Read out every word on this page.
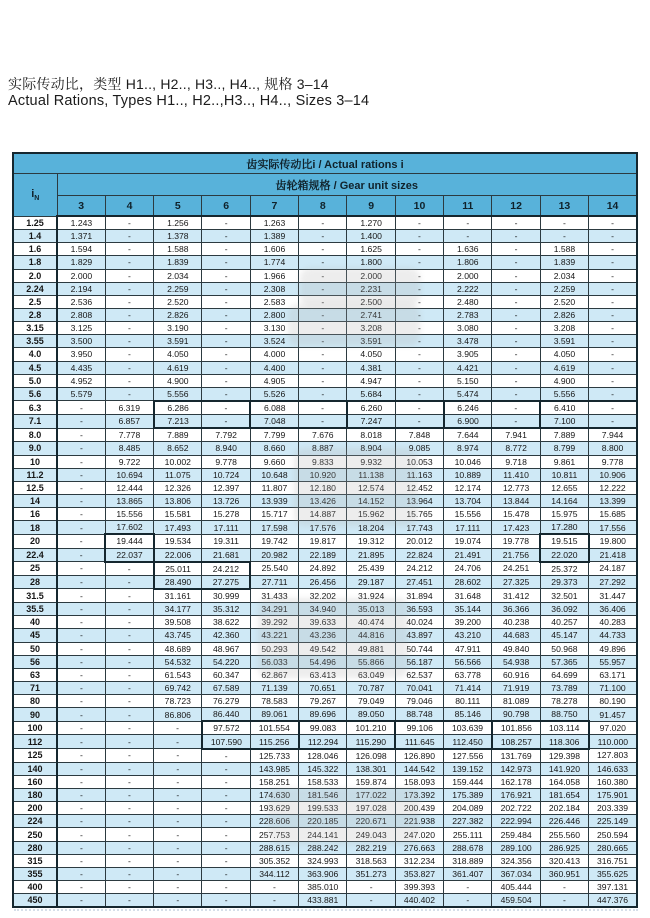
实际传动比，类型 H1.., H2.., H3.., H4.., 规格 3–14
Actual Rations, Types H1.., H2..,H3.., H4.., Sizes 3–14
齿实际传动比i / Actual rations i												
$i_N$	齿轮箱规格 / Gear unit sizes											
	3	4	5	6	7	8	9	10	11	12	13	14
1.25	1.243	-	1.256	-	1.263	-	1.270	-	-	-	-	-
1.4	1.371	-	1.378	-	1.389	-	1.400	-	-	-	-	-
1.6	1.594	-	1.588	-	1.606	-	1.625	-	1.636	-	1.588	-
1.8	1.829	-	1.839	-	1.774	-	1.800	-	1.806	-	1.839	-
2.0	2.000	-	2.034	-	1.966	-	2.000	-	2.000	-	2.034	-
2.24	2.194	-	2.259	-	2.308	-	2.231	-	2.222	-	2.259	-
2.5	2.536	-	2.520	-	2.583	-	2.500	-	2.480	-	2.520	-
2.8	2.808	-	2.826	-	2.800	-	2.741	-	2.783	-	2.826	-
3.15	3.125	-	3.190	-	3.130	-	3.208	-	3.080	-	3.208	-
3.55	3.500	-	3.591	-	3.524	-	3.591	-	3.478	-	3.591	-
4.0	3.950	-	4.050	-	4.000	-	4.050	-	3.905	-	4.050	-
4.5	4.435	-	4.619	-	4.400	-	4.381	-	4.421	-	4.619	-
5.0	4.952	-	4.900	-	4.905	-	4.947	-	5.150	-	4.900	-
5.6	5.579	-	5.556	-	5.526	-	5.684	-	5.474	-	5.556	-
6.3	-	6.319	6.286	-	6.088	-	6.260	-	6.246	-	6.410	-
7.1	-	6.857	7.213	-	7.048	-	7.247	-	6.900	-	7.100	-
8.0	-	7.778	7.889	7.792	7.799	7.676	8.018	7.848	7.644	7.941	7.889	7.944
9.0	-	8.485	8.652	8.940	8.660	8.887	8.904	9.085	8.974	8.772	8.799	8.800
10	-	9.722	10.002	9.778	9.660	9.833	9.932	10.053	10.046	9.718	9.861	9.778
11.2	-	10.694	11.075	10.724	10.648	10.920	11.138	11.163	10.889	11.410	10.811	10.906
12.5	-	12.444	12.326	12.397	11.807	12.180	12.574	12.452	12.174	12.773	12.655	12.222
14	-	13.865	13.806	13.726	13.939	13.426	14.152	13.964	13.704	13.844	14.164	13.399
16	-	15.556	15.581	15.278	15.717	14.887	15.962	15.765	15.556	15.478	15.975	15.685
18	-	17.602	17.493	17.111	17.598	17.576	18.204	17.743	17.111	17.423	17.280	17.556
20	-	19.444	19.534	19.311	19.742	19.817	19.312	20.012	19.074	19.778	19.515	19.800
22.4	-	22.037	22.006	21.681	20.982	22.189	21.895	22.824	21.491	21.756	22.020	21.418
25	-	-	25.011	24.212	25.540	24.892	25.439	24.212	24.706	24.251	25.372	24.187
28	-	-	28.490	27.275	27.711	26.456	29.187	27.451	28.602	27.325	29.373	27.292
31.5	-	-	31.161	30.999	31.433	32.202	31.924	31.894	31.648	31.412	32.501	31.447
35.5	-	-	34.177	35.312	34.291	34.940	35.013	36.593	35.144	36.366	36.092	36.406
40	-	-	39.508	38.622	39.292	39.633	40.474	40.024	39.200	40.238	40.257	40.283
45	-	-	43.745	42.360	43.221	43.236	44.816	43.897	43.210	44.683	45.147	44.733
50	-	-	48.689	48.967	50.293	49.542	49.881	50.744	47.911	49.840	50.968	49.896
56	-	-	54.532	54.220	56.033	54.496	55.866	56.187	56.566	54.938	57.365	55.957
63	-	-	61.543	60.347	62.867	63.413	63.049	62.537	63.778	60.916	64.699	63.171
71	-	-	69.742	67.589	71.139	70.651	70.787	70.041	71.414	71.919	73.789	71.100
80	-	-	78.723	76.279	78.583	79.267	79.049	79.046	80.111	81.089	78.278	80.190
90	-	-	86.806	86.440	89.061	89.696	89.050	88.748	85.146	90.798	88.750	91.457
100	-	-	-	97.572	101.554	99.083	101.210	99.106	103.639	101.856	103.114	97.020
112	-	-	-	107.590	115.256	112.294	115.290	111.645	112.450	108.257	118.306	110.000
125	-	-	-	-	125.733	128.046	126.098	126.890	127.556	131.769	129.398	127.803
140	-	-	-	-	143.985	145.322	138.301	144.542	139.152	142.973	141.920	146.633
160	-	-	-	-	158.251	158.533	159.874	158.093	159.444	162.178	164.058	160.380
180	-	-	-	-	174.630	181.546	177.022	173.392	175.389	176.921	181.654	175.901
200	-	-	-	-	193.629	199.533	197.028	200.439	204.089	202.722	202.184	203.339
224	-	-	-	-	228.606	220.185	220.671	221.938	227.382	222.994	226.446	225.149
250	-	-	-	-	257.753	244.141	249.043	247.020	255.111	259.484	255.560	250.594
280	-	-	-	-	288.615	288.242	282.219	276.663	288.678	289.100	286.925	280.665
315	-	-	-	-	305.352	324.993	318.563	312.234	318.889	324.356	320.413	316.751
355	-	-	-	-	344.112	363.906	351.273	353.827	361.407	367.034	360.951	355.625
400	-	-	-	-	-	385.010	-	399.393	-	405.444	-	397.131
450	-	-	-	-	-	433.881	-	440.402	-	459.504	-	447.376
